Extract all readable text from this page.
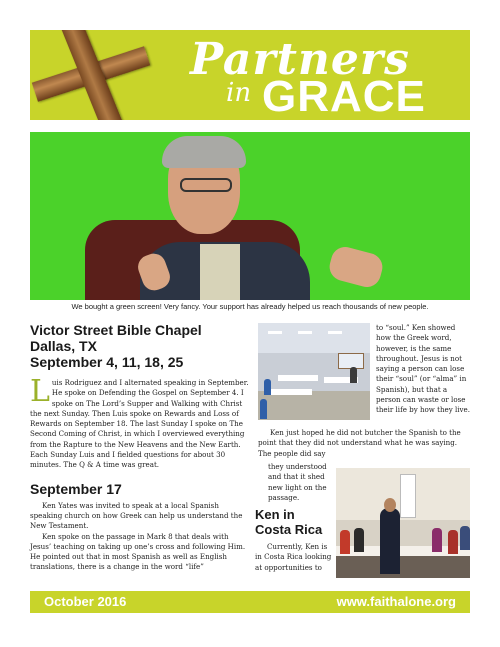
Partners
in GRACE
We bought a green screen! Very fancy. Your support has already helped us reach thousands of new people.
Victor Street Bible Chapel
Dallas, TX
September 4, 11, 18, 25

Luis Rodriguez and I alternated speaking in September. He spoke on Defending the Gospel on September 4. I spoke on The Lord’s Supper and Walking with Christ the next Sunday. Then Luis spoke on Rewards and Loss of Rewards on September 18. The last Sunday I spoke on The Second Coming of Christ, in which I overviewed everything from the Rapture to the New Heavens and the New Earth. Each Sunday Luis and I fielded questions for about 30 minutes. The Q & A time was great.

September 17

Ken Yates was invited to speak at a local Spanish speaking church on how Greek can help us understand the New Testament.

Ken spoke on the passage in Mark 8 that deals with Jesus’ teaching on taking up one’s cross and following Him. He pointed out that in most Spanish as well as English translations, there is a change in the word “life”

to “soul.” Ken showed how the Greek word, however, is the same throughout. Jesus is not saying a person can lose their “soul” (or “alma” in Spanish), but that a person can waste or lose their life by how they live.
Ken just hoped he did not butcher the Spanish to the point that they did not understand what he was saying. The people did say
they understood and that it shed new light on the passage.
Ken in
Costa Rica
Currently, Ken is in Costa Rica looking at opportunities to
October 2016	www.faithalone.org
